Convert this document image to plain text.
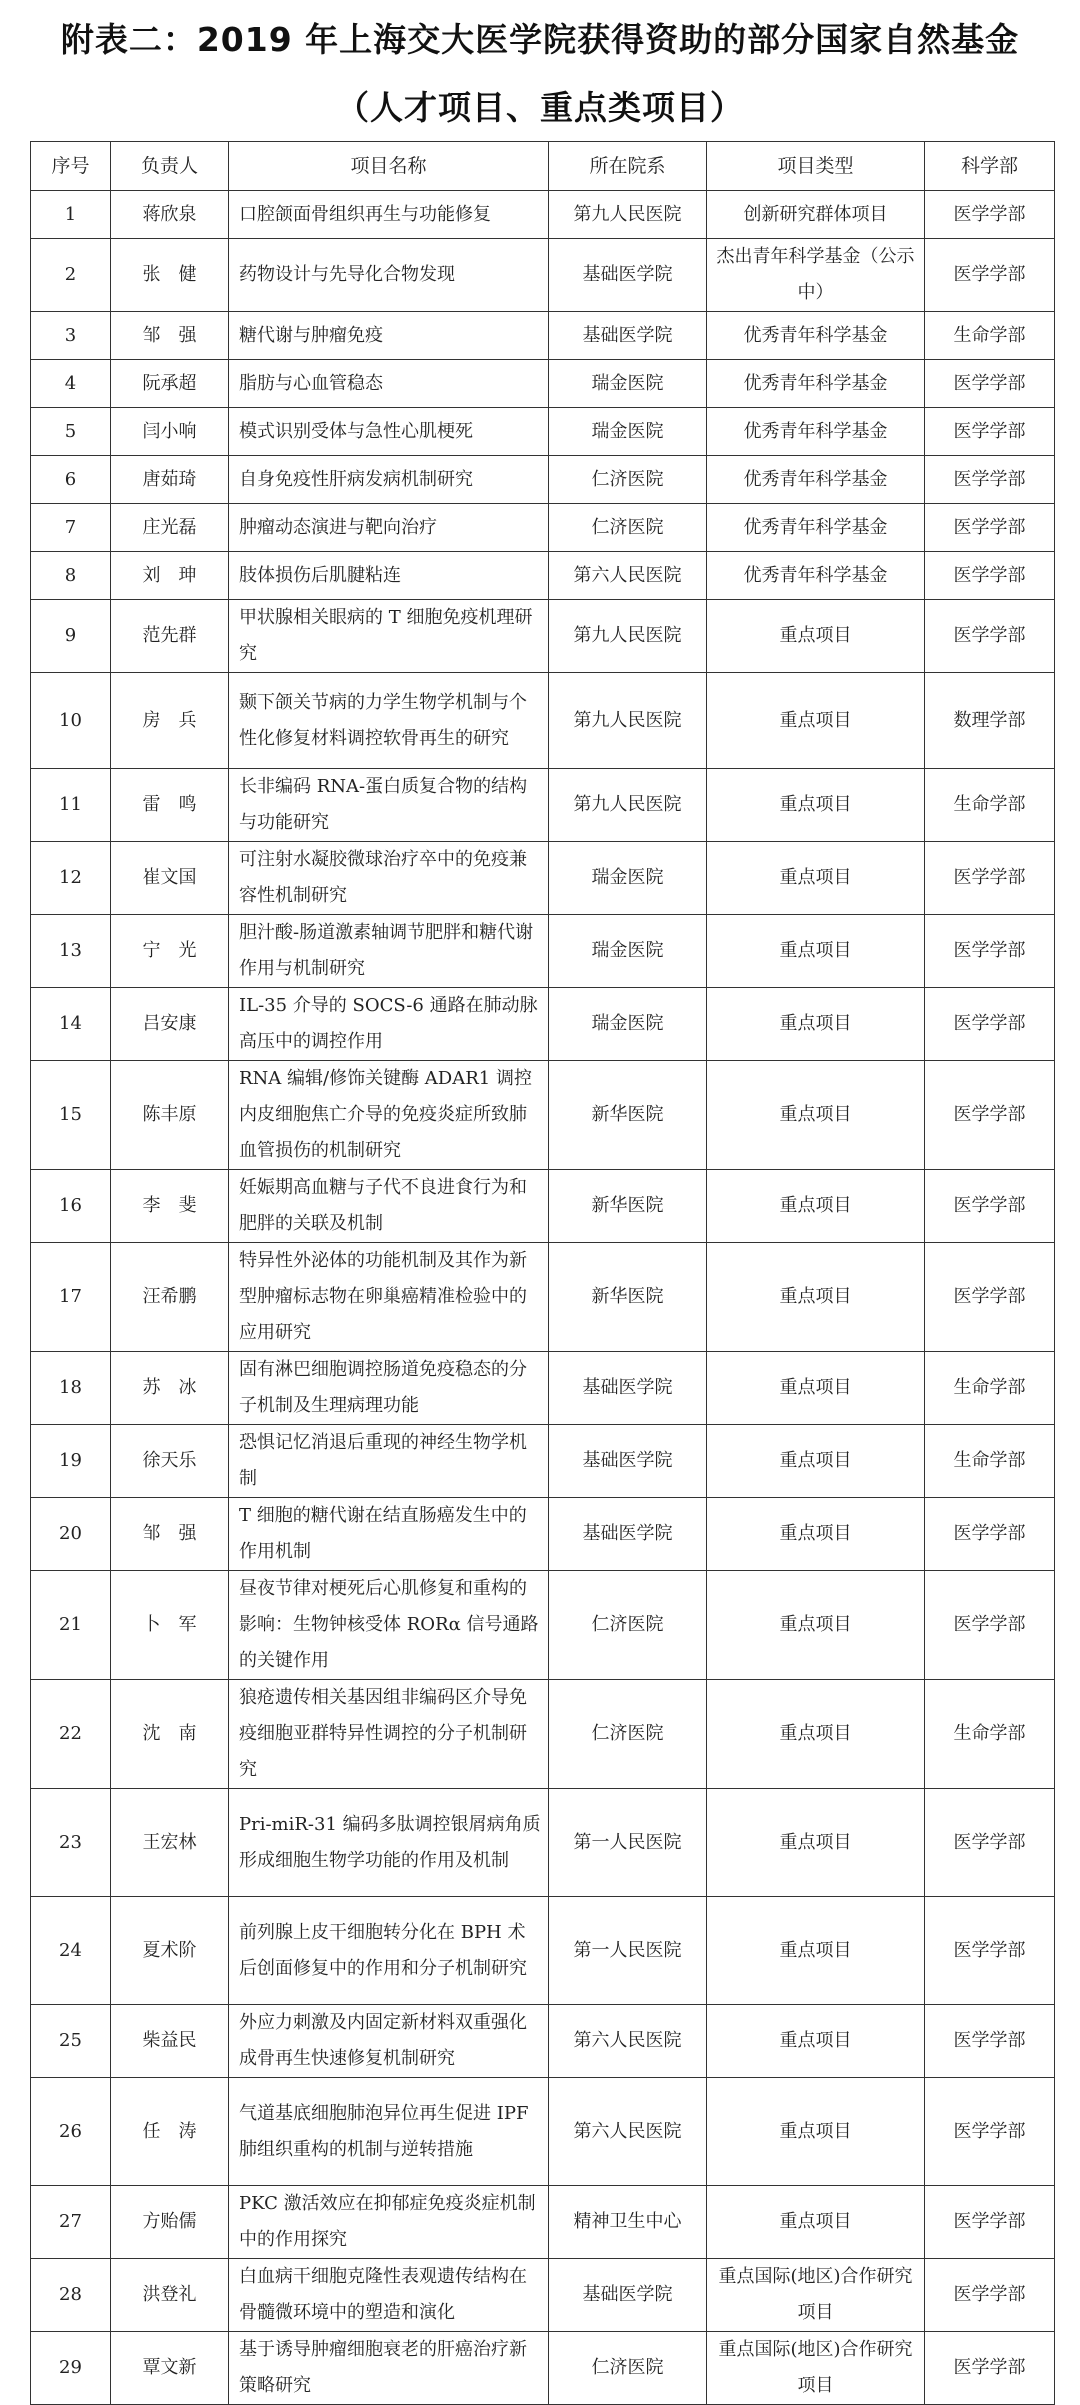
附表二：2019 年上海交大医学院获得资助的部分国家自然基金
（人才项目、重点类项目）
序号	负责人	项目名称	所在院系	项目类型	科学部
1	蒋欣泉	口腔颌面骨组织再生与功能修复	第九人民医院	创新研究群体项目	医学学部
2	张　健	药物设计与先导化合物发现	基础医学院	杰出青年科学基金（公示中）	医学学部
3	邹　强	糖代谢与肿瘤免疫	基础医学院	优秀青年科学基金	生命学部
4	阮承超	脂肪与心血管稳态	瑞金医院	优秀青年科学基金	医学学部
5	闫小响	模式识别受体与急性心肌梗死	瑞金医院	优秀青年科学基金	医学学部
6	唐茹琦	自身免疫性肝病发病机制研究	仁济医院	优秀青年科学基金	医学学部
7	庄光磊	肿瘤动态演进与靶向治疗	仁济医院	优秀青年科学基金	医学学部
8	刘　珅	肢体损伤后肌腱粘连	第六人民医院	优秀青年科学基金	医学学部
9	范先群	甲状腺相关眼病的 T 细胞免疫机理研究	第九人民医院	重点项目	医学学部
10	房　兵	颞下颌关节病的力学生物学机制与个性化修复材料调控软骨再生的研究	第九人民医院	重点项目	数理学部
11	雷　鸣	长非编码 RNA-蛋白质复合物的结构与功能研究	第九人民医院	重点项目	生命学部
12	崔文国	可注射水凝胶微球治疗卒中的免疫兼容性机制研究	瑞金医院	重点项目	医学学部
13	宁　光	胆汁酸-肠道激素轴调节肥胖和糖代谢作用与机制研究	瑞金医院	重点项目	医学学部
14	吕安康	IL-35 介导的 SOCS-6 通路在肺动脉高压中的调控作用	瑞金医院	重点项目	医学学部
15	陈丰原	RNA 编辑/修饰关键酶 ADAR1 调控内皮细胞焦亡介导的免疫炎症所致肺血管损伤的机制研究	新华医院	重点项目	医学学部
16	李　斐	妊娠期高血糖与子代不良进食行为和肥胖的关联及机制	新华医院	重点项目	医学学部
17	汪希鹏	特异性外泌体的功能机制及其作为新型肿瘤标志物在卵巢癌精准检验中的应用研究	新华医院	重点项目	医学学部
18	苏　冰	固有淋巴细胞调控肠道免疫稳态的分子机制及生理病理功能	基础医学院	重点项目	生命学部
19	徐天乐	恐惧记忆消退后重现的神经生物学机制	基础医学院	重点项目	生命学部
20	邹　强	T 细胞的糖代谢在结直肠癌发生中的作用机制	基础医学院	重点项目	医学学部
21	卜　军	昼夜节律对梗死后心肌修复和重构的影响：生物钟核受体 RORα 信号通路的关键作用	仁济医院	重点项目	医学学部
22	沈　南	狼疮遗传相关基因组非编码区介导免疫细胞亚群特异性调控的分子机制研究	仁济医院	重点项目	生命学部
23	王宏林	Pri-miR-31 编码多肽调控银屑病角质形成细胞生物学功能的作用及机制	第一人民医院	重点项目	医学学部
24	夏术阶	前列腺上皮干细胞转分化在 BPH 术后创面修复中的作用和分子机制研究	第一人民医院	重点项目	医学学部
25	柴益民	外应力刺激及内固定新材料双重强化成骨再生快速修复机制研究	第六人民医院	重点项目	医学学部
26	任　涛	气道基底细胞肺泡异位再生促进 IPF 肺组织重构的机制与逆转措施	第六人民医院	重点项目	医学学部
27	方贻儒	PKC 激活效应在抑郁症免疫炎症机制中的作用探究	精神卫生中心	重点项目	医学学部
28	洪登礼	白血病干细胞克隆性表观遗传结构在骨髓微环境中的塑造和演化	基础医学院	重点国际(地区)合作研究项目	医学学部
29	覃文新	基于诱导肿瘤细胞衰老的肝癌治疗新策略研究	仁济医院	重点国际(地区)合作研究项目	医学学部
